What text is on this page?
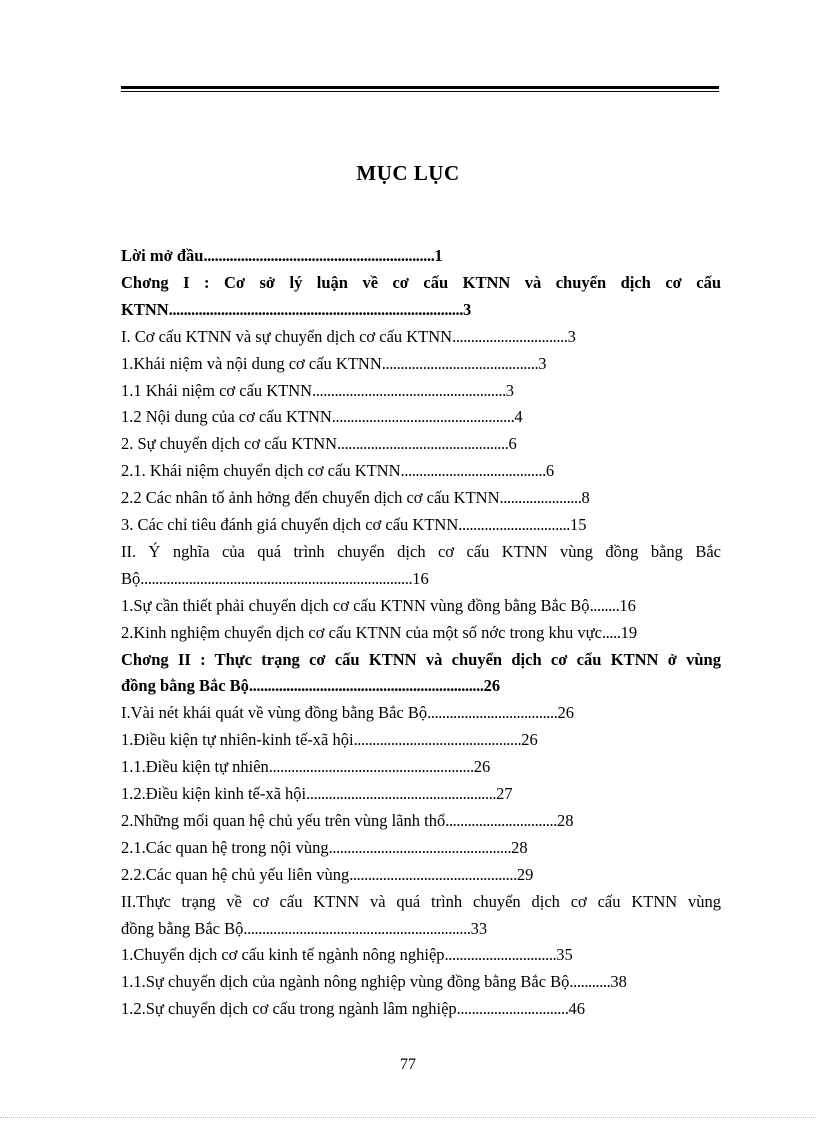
MỤC LỤC
Lời mở đầu..............................................................1
Chơng I : Cơ sở lý luận về cơ cấu KTNN và chuyển dịch cơ cấu
KTNN...............................................................................3
I. Cơ cấu KTNN và sự chuyển dịch cơ cấu KTNN...............................3
1.Khái niệm và nội dung cơ cấu KTNN..........................................3
1.1 Khái niệm cơ cấu KTNN....................................................3
1.2 Nội dung của cơ cấu KTNN.................................................4
2. Sự chuyển dịch cơ cấu KTNN..............................................6
2.1. Khái niệm chuyển dịch cơ cấu KTNN.......................................6
2.2 Các nhân tố ảnh hởng đến chuyển dịch cơ cấu KTNN......................8
3. Các chỉ tiêu đánh giá chuyển dịch cơ cấu KTNN..............................15
II. Ý nghĩa của quá trình chuyển dịch cơ cấu KTNN vùng đồng bằng Bắc
Bộ.........................................................................16
1.Sự cần thiết phải chuyển dịch cơ cấu KTNN vùng đồng bằng Bắc Bộ........16
2.Kinh nghiệm chuyển dịch cơ cấu KTNN của một số nớc trong khu vực.....19
Chơng II : Thực trạng cơ cấu KTNN và chuyển dịch cơ cấu KTNN ở vùng
đồng bằng Bắc Bộ...............................................................26
I.Vài nét khái quát về vùng đồng bằng Bắc Bộ...................................26
1.Điều kiện tự nhiên-kinh tế-xã hội.............................................26
1.1.Điều kiện tự nhiên.......................................................26
1.2.Điều kiện kinh tế-xã hội...................................................27
2.Những mối quan hệ chủ yếu trên vùng lãnh thổ..............................28
2.1.Các quan hệ trong nội vùng.................................................28
2.2.Các quan hệ chủ yếu liên vùng.............................................29
II.Thực trạng về cơ cấu KTNN và quá trình chuyển dịch cơ cấu KTNN vùng
đồng bằng Bắc Bộ.............................................................33
1.Chuyển dịch cơ cấu kinh tế ngành nông nghiệp..............................35
1.1.Sự chuyển dịch của ngành nông nghiệp vùng đồng bằng Bắc Bộ...........38
1.2.Sự chuyển dịch cơ cấu trong ngành lâm nghiệp..............................46
77
